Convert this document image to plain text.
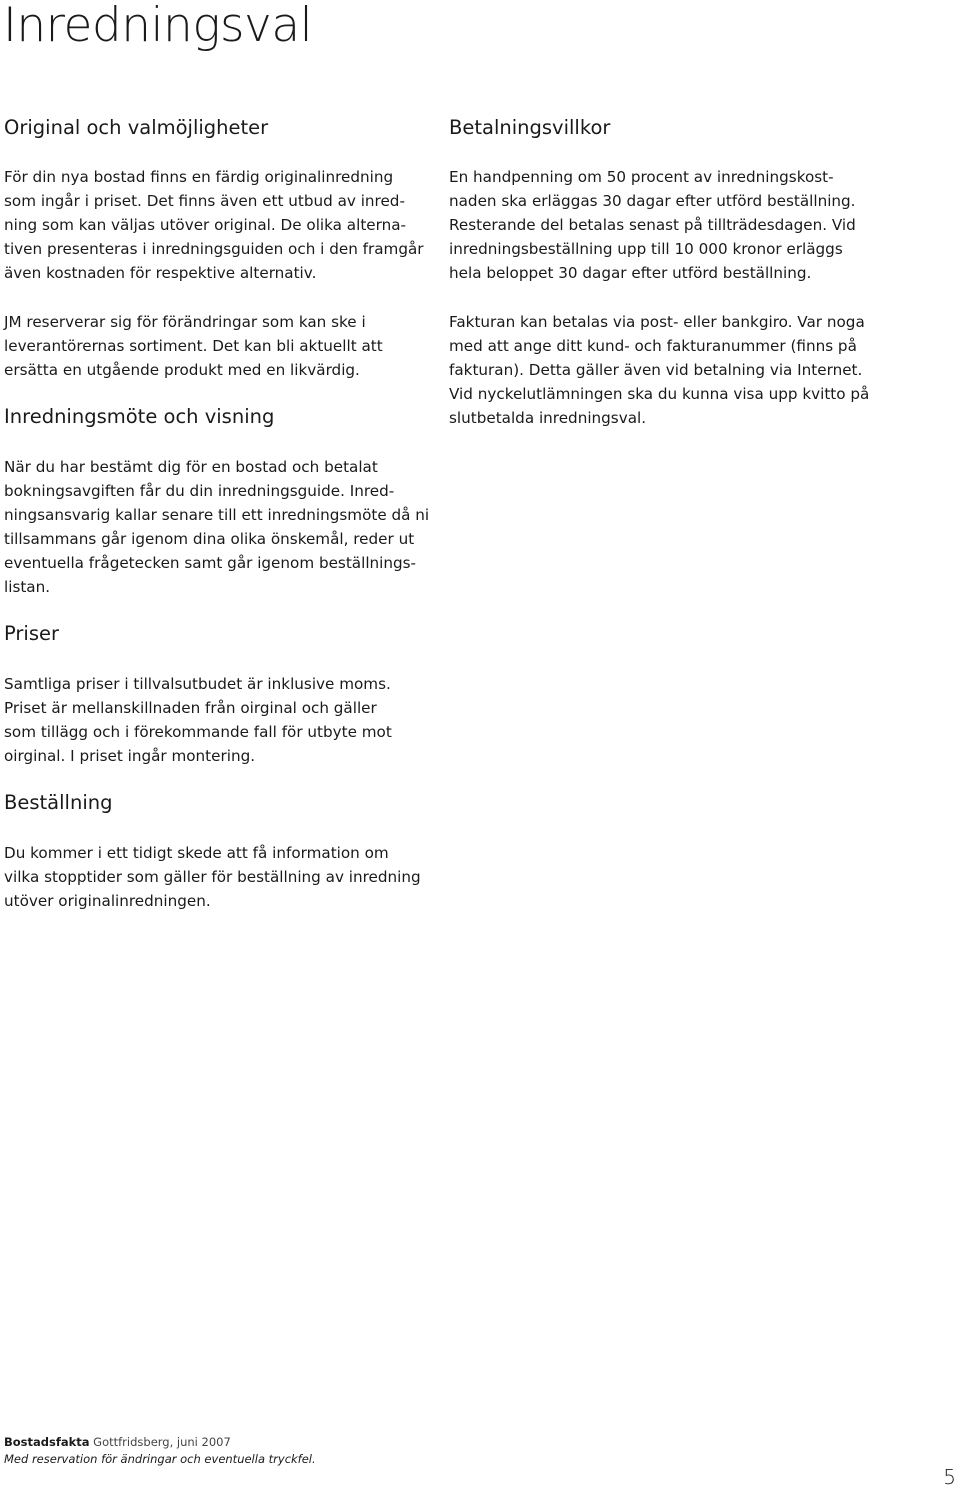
Inredningsval
Original och valmöjligheter
För din nya bostad finns en färdig originalinredning
som ingår i priset. Det finns även ett utbud av inred-
ning som kan väljas utöver original. De olika alterna-
tiven presenteras i inredningsguiden och i den framgår
även kostnaden för respektive alternativ.
JM reserverar sig för förändringar som kan ske i
leverantörernas sortiment. Det kan bli aktuellt att
ersätta en utgående produkt med en likvärdig.
Inredningsmöte och visning
När du har bestämt dig för en bostad och betalat
bokningsavgiften får du din inredningsguide. Inred-
ningsansvarig kallar senare till ett inredningsmöte då ni
tillsammans går igenom dina olika önskemål, reder ut
eventuella frågetecken samt går igenom beställnings-
listan.
Priser
Samtliga priser i tillvalsutbudet är inklusive moms.
Priset är mellanskillnaden från oirginal och gäller
som tillägg och i förekommande fall för utbyte mot
oirginal. I priset ingår montering.
Beställning
Du kommer i ett tidigt skede att få information om
vilka stopptider som gäller för beställning av inredning
utöver originalinredningen.
Betalningsvillkor
En handpenning om 50 procent av inredningskost-
naden ska erläggas 30 dagar efter utförd beställning.
Resterande del betalas senast på tillträdesdagen. Vid
inredningsbeställning upp till 10 000 kronor erläggs
hela beloppet 30 dagar efter utförd beställning.
Fakturan kan betalas via post- eller bankgiro. Var noga
med att ange ditt kund- och fakturanummer (finns på
fakturan). Detta gäller även vid betalning via Internet.
Vid nyckelutlämningen ska du kunna visa upp kvitto på
slutbetalda inredningsval.
Bostadsfakta Gottfridsberg, juni 2007
Med reservation för ändringar och eventuella tryckfel.
5
